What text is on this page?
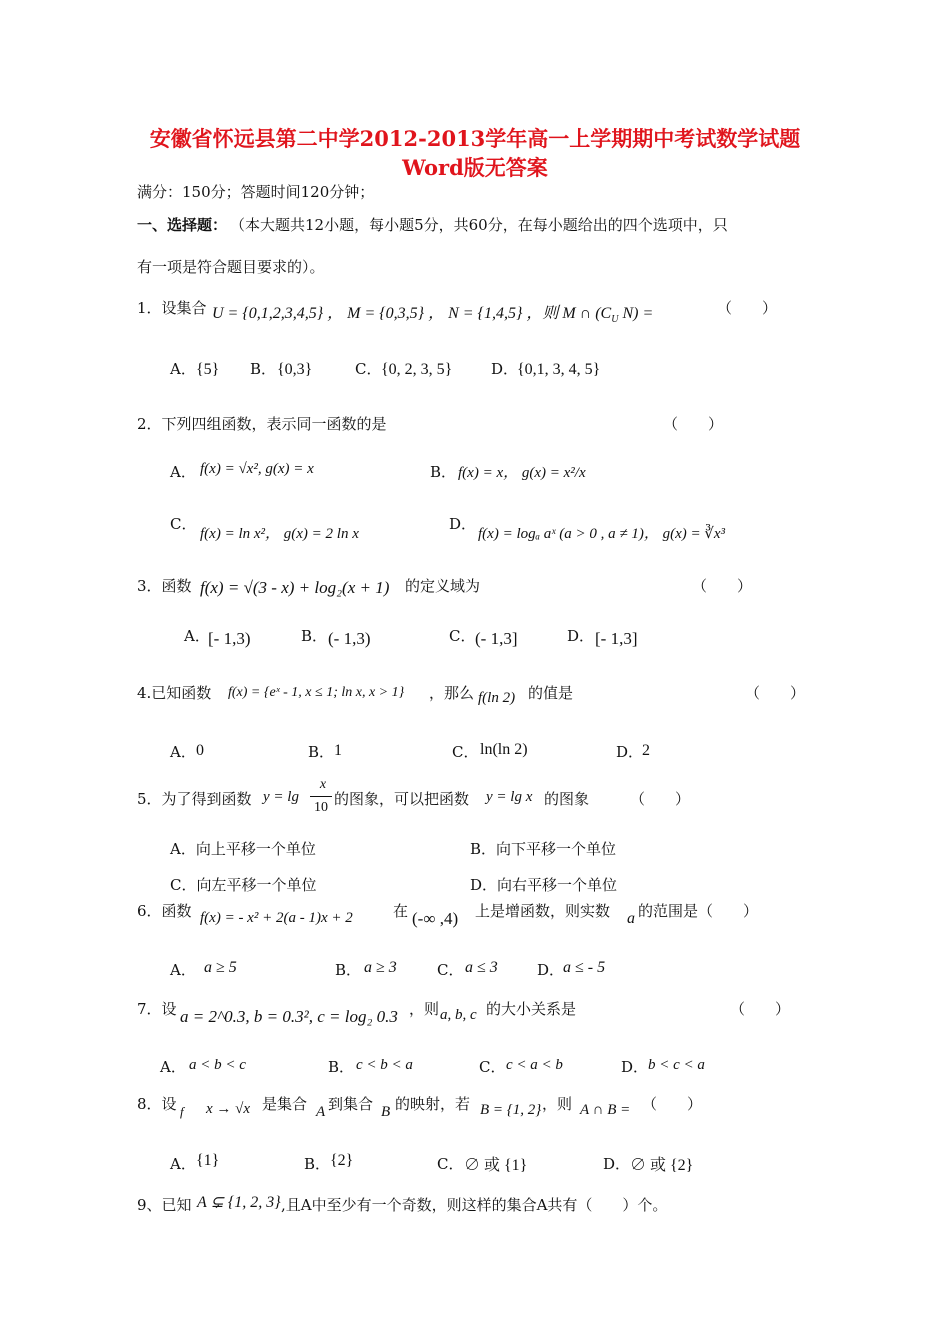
安徽省怀远县第二中学2012-2013学年高一上学期期中考试数学试题
Word版无答案
满分：150分；答题时间120分钟；
一、选择题： （本大题共12小题，每小题5分，共60分，在每小题给出的四个选项中，只
有一项是符合题目要求的）。
1．设集合 U = {0,1,2,3,4,5} ， M = {0,3,5} ， N = {1,4,5} ，则 M ∩ ($C_U$ N) =	（　　）
A． {5} B． {0,3}	C． {0, 2, 3, 5}	D．
{0,1, 3, 4, 5}
2．下列四组函数，表示同一函数的是	（　　）
A． f(x) = √x², g(x) = x	B． f(x) = x， g(x) = x²/x
C．
f(x) = ln x²， g(x) = 2 ln x
D．
f(x) = logₐ aˣ (a > 0 , a ≠ 1)， g(x) = ∛x³
3．函数 f(x) = √(3 - x) + log₂(x + 1) 的定义域为	（　　）
A．
[- 1,3)	B． (- 1,3)	C． (- 1,3]	D． [- 1,3]
4.已知函数 f(x) = {eˣ - 1, x ≤ 1; ln x, x > 1} ，那么 f(ln 2) 的值是	（　　）
A． 0	B． 1	C． ln(ln 2)	D．
2
5．为了得到函数 y = lg
x
10 的图象，可以把函数 y = lg x 的图象	（　　）
A．向上平移一个单位	B．向下平移一个单位
C．向左平移一个单位	D．向右平移一个单位
6．函数 f(x) = - x² + 2(a - 1)x + 2	在 (-∞ ,4) 上是增函数，则实数 a 的范围是（　　）
A． a ≥ 5	B． a ≥ 3	C． a ≤ 3	D．
a ≤ - 5
7．设 a = 2^0.3, b = 0.3², c = log₂ 0.3 ，则 a, b, c 的大小关系是	（　　）
A． a < b < c	B． c < b < a	C． c < a < b	D． b < c < a
8．设 f x → √x 是集合 A 到集合 B 的映射，若 B = {1, 2} ，则 A ∩ B = （　　）
A． {1}	B． {2}	C． ∅ 或 {1}	D． ∅ 或 {2}
9、已知 A ⊊ {1, 2, 3} ,且A中至少有一个奇数，则这样的集合A共有（　　）个。
